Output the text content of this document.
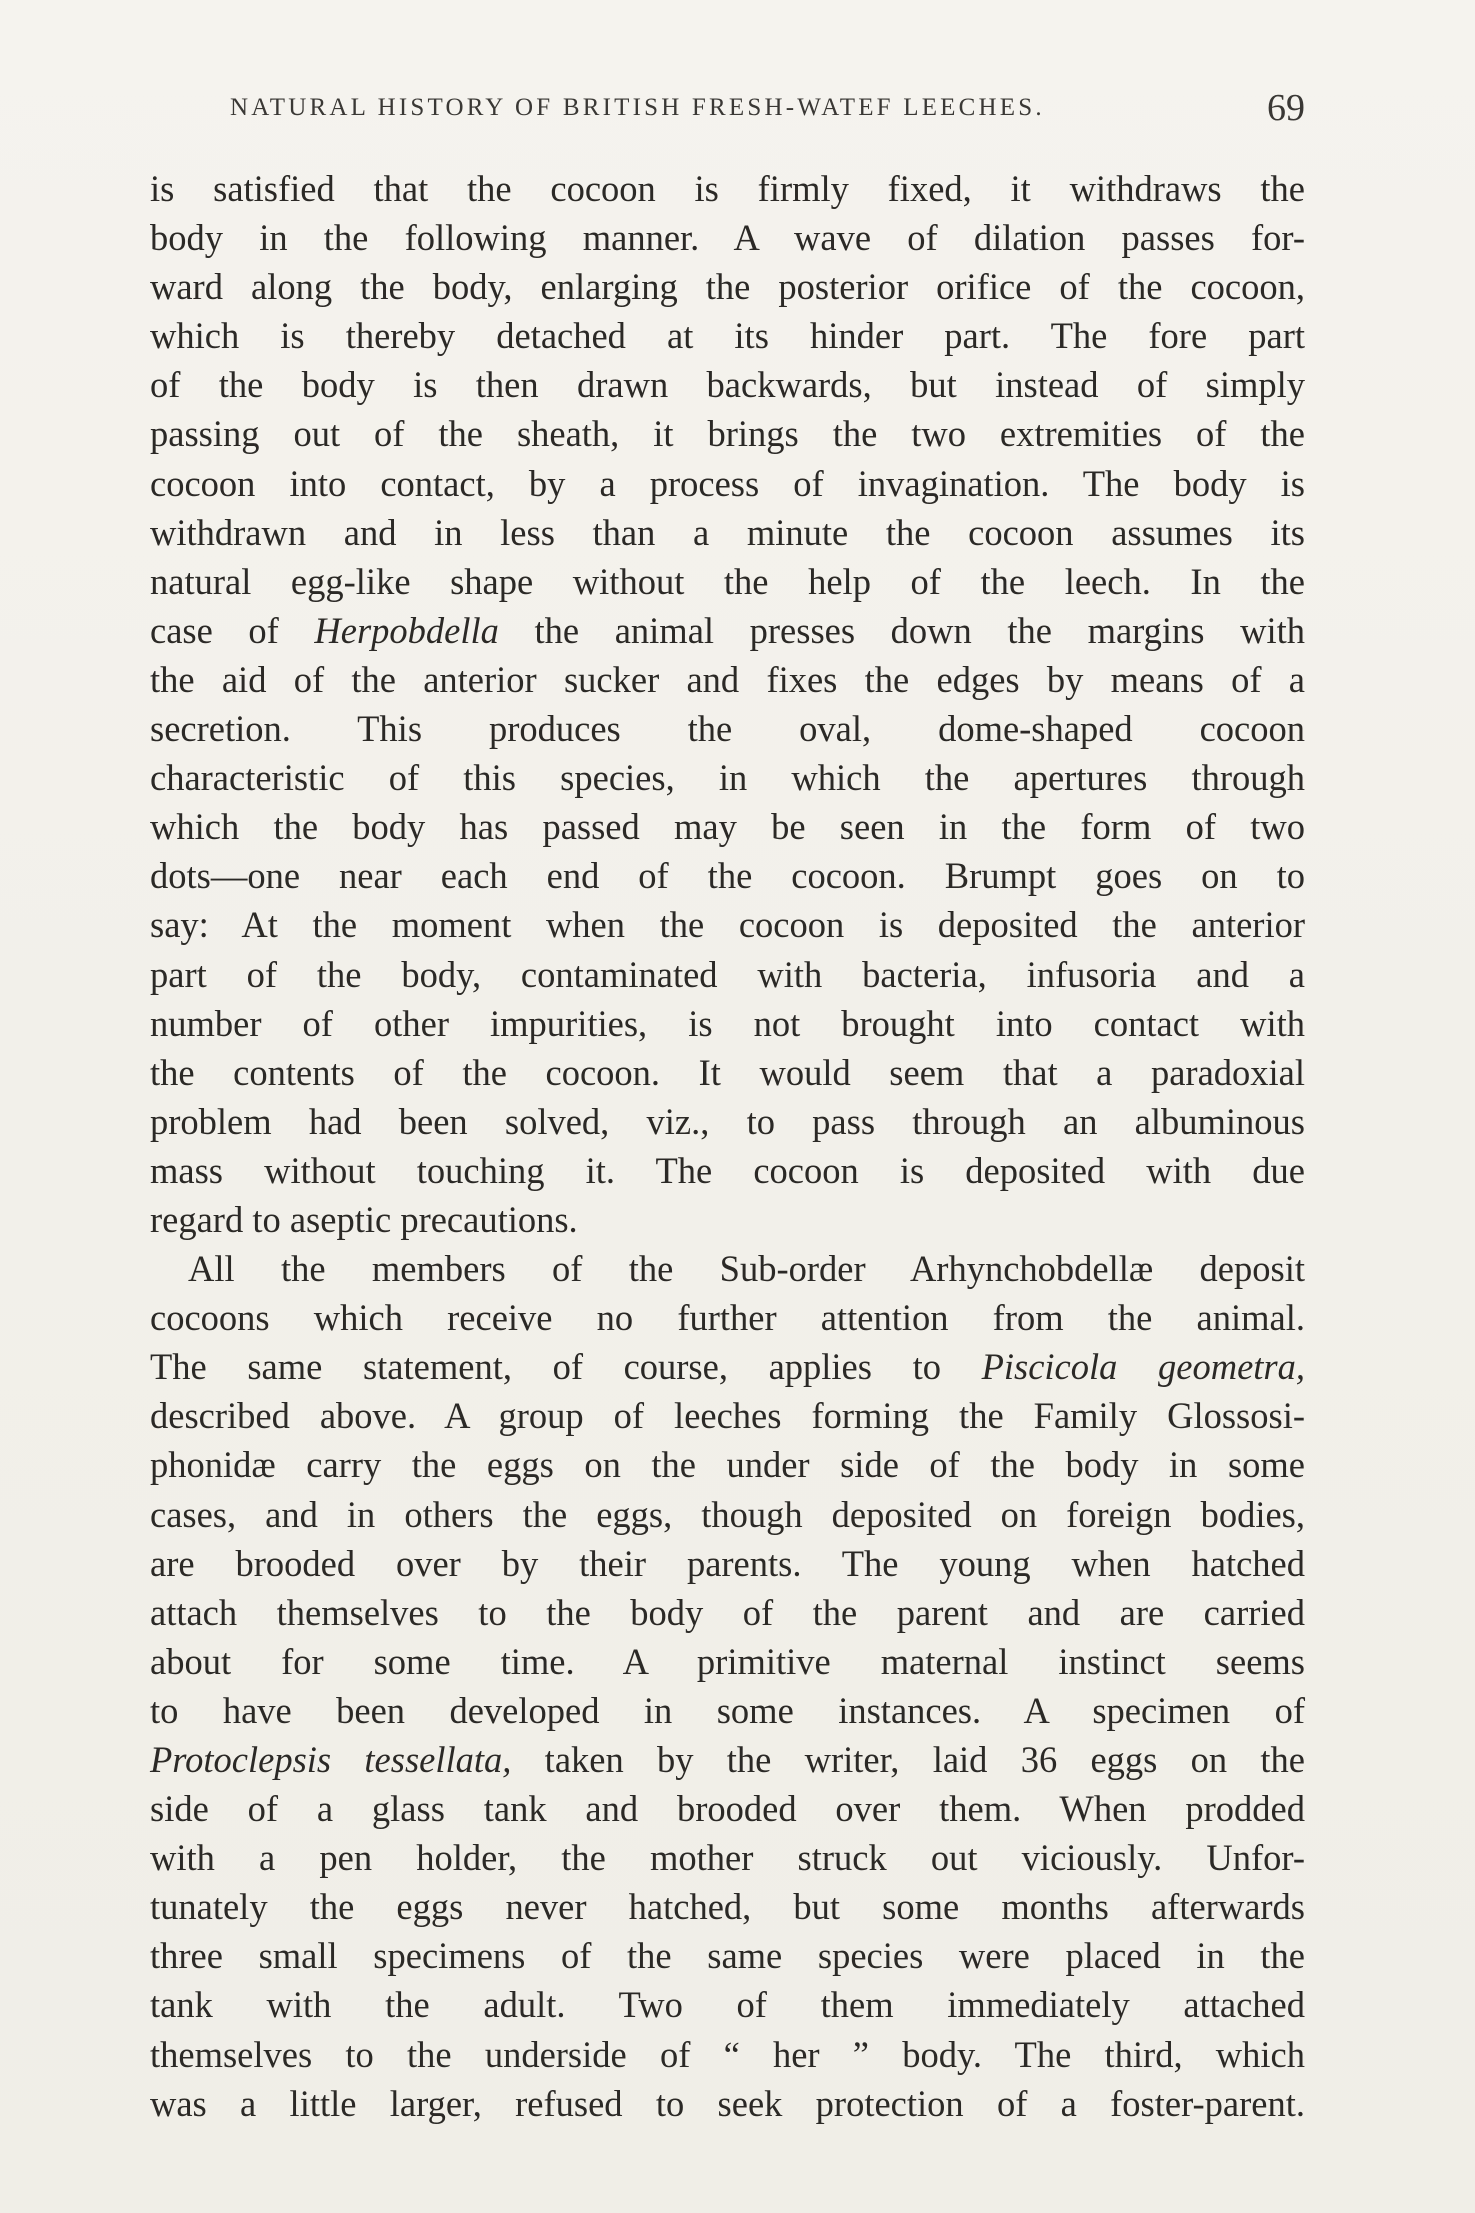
NATURAL HISTORY OF BRITISH FRESH-WATEF LEECHES.	69
is satisfied that the cocoon is firmly fixed, it withdraws the
body in the following manner. A wave of dilation passes for-
ward along the body, enlarging the posterior orifice of the cocoon,
which is thereby detached at its hinder part. The fore part
of the body is then drawn backwards, but instead of simply
passing out of the sheath, it brings the two extremities of the
cocoon into contact, by a process of invagination. The body is
withdrawn and in less than a minute the cocoon assumes its
natural egg-like shape without the help of the leech. In the
case of Herpobdella the animal presses down the margins with
the aid of the anterior sucker and fixes the edges by means of a
secretion. This produces the oval, dome-shaped cocoon
characteristic of this species, in which the apertures through
which the body has passed may be seen in the form of two
dots—one near each end of the cocoon. Brumpt goes on to
say: At the moment when the cocoon is deposited the anterior
part of the body, contaminated with bacteria, infusoria and a
number of other impurities, is not brought into contact with
the contents of the cocoon. It would seem that a paradoxial
problem had been solved, viz., to pass through an albuminous
mass without touching it. The cocoon is deposited with due
regard to aseptic precautions.
All the members of the Sub-order Arhynchobdellæ deposit
cocoons which receive no further attention from the animal.
The same statement, of course, applies to Piscicola geometra,
described above. A group of leeches forming the Family Glossosi-
phonidæ carry the eggs on the under side of the body in some
cases, and in others the eggs, though deposited on foreign bodies,
are brooded over by their parents. The young when hatched
attach themselves to the body of the parent and are carried
about for some time. A primitive maternal instinct seems
to have been developed in some instances. A specimen of
Protoclepsis tessellata, taken by the writer, laid 36 eggs on the
side of a glass tank and brooded over them. When prodded
with a pen holder, the mother struck out viciously. Unfor-
tunately the eggs never hatched, but some months afterwards
three small specimens of the same species were placed in the
tank with the adult. Two of them immediately attached
themselves to the underside of “ her ” body. The third, which
was a little larger, refused to seek protection of a foster-parent.
